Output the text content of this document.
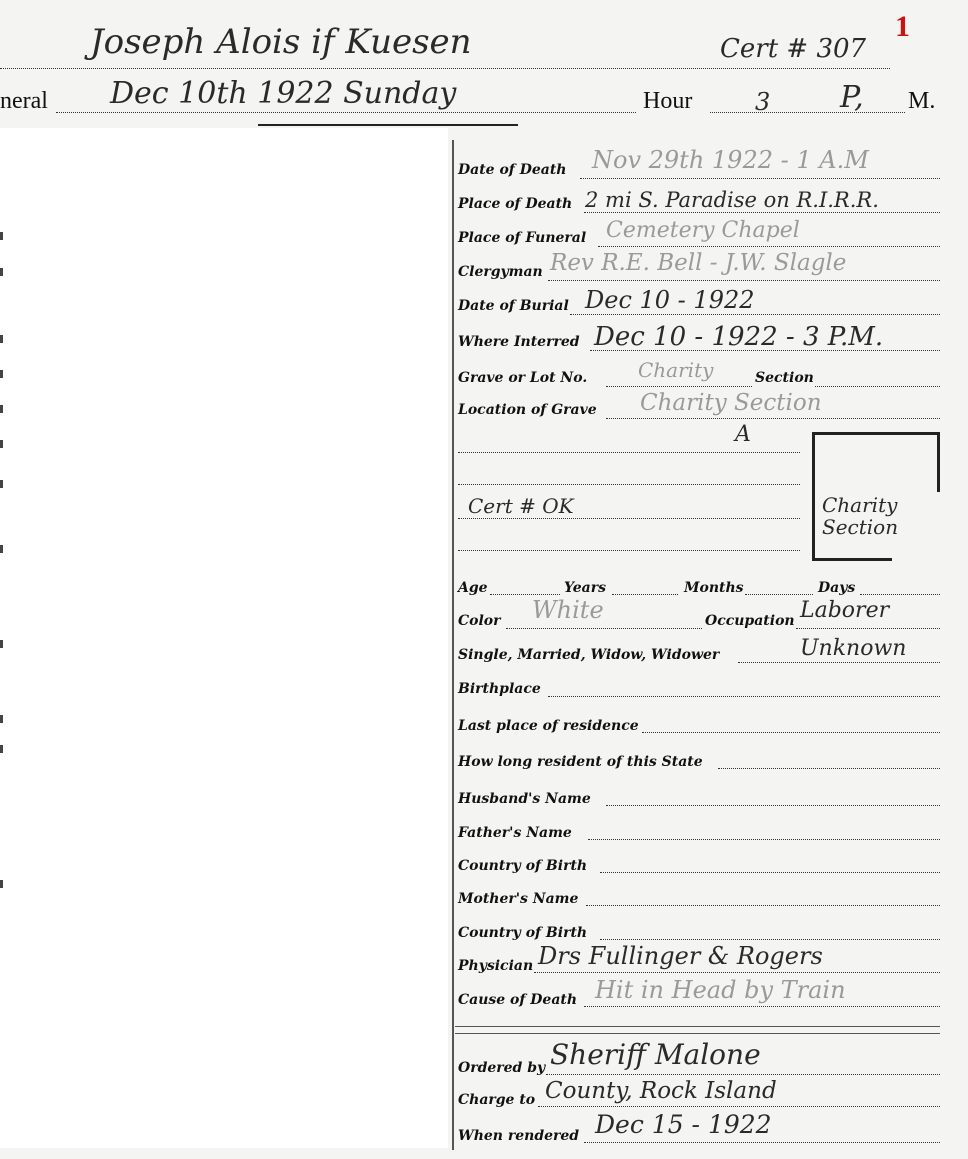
1
Joseph Alois if Kuesen	Cert # 307
neral Dec 10th 1922 Sunday	Hour	3 P, M.
Date of Death Nov 29th 1922 - 1 A.M
Place of Death 2 mi S. Paradise on R.I.R.R.
Place of Funeral Cemetery Chapel
Clergyman Rev R.E. Bell - J.W. Slagle
Date of Burial Dec 10 - 1922
Where Interred Dec 10 - 1922 - 3 P.M.
Grave or Lot No.	Charity	Section
Location of Grave Charity Section
A
Cert # OK	Charity Section
Age	Years	Months	Days
Color White	Occupation Laborer
Single, Married, Widow, Widower	Unknown
Birthplace
Last place of residence
How long resident of this State
Husband's Name
Father's Name
Country of Birth
Mother's Name
Country of Birth
Physician Drs Fullinger & Rogers
Cause of Death Hit in Head by Train
Ordered by Sheriff Malone
Charge to County, Rock Island
When rendered Dec 15 - 1922
